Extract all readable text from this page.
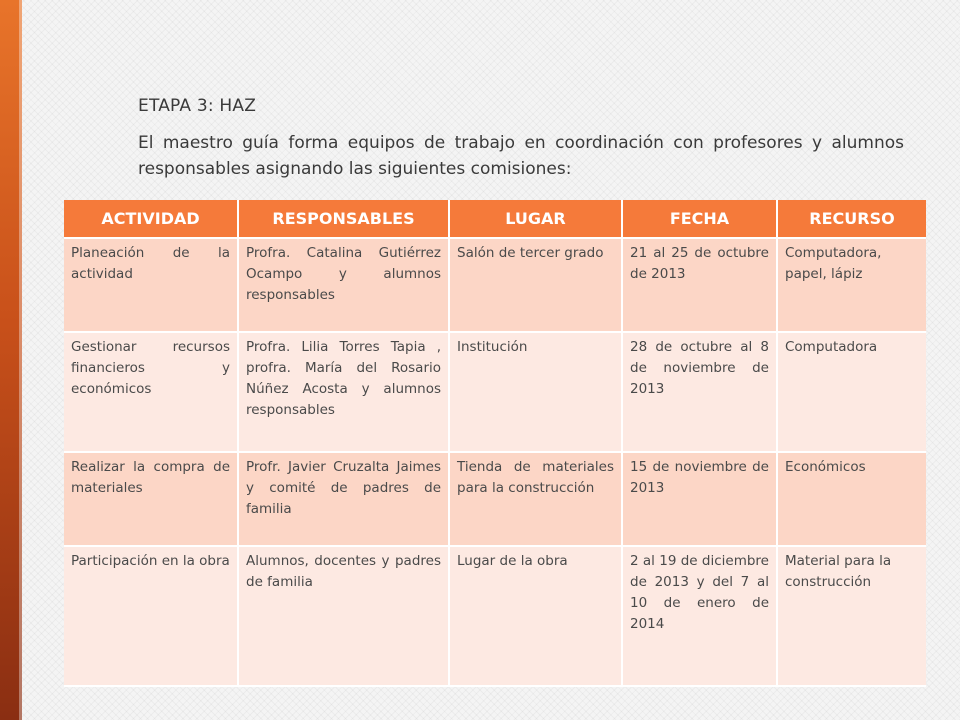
ETAPA 3: HAZ
El maestro guía forma equipos de trabajo en coordinación con profesores y alumnos responsables asignando las siguientes comisiones:
ACTIVIDAD	RESPONSABLES	LUGAR	FECHA	RECURSO
Planeación de la actividad	Profra. Catalina Gutiérrez Ocampo y alumnos responsables	Salón de tercer grado	21 al 25 de octubre de 2013	Computadora, papel, lápiz
Gestionar recursos financieros y económicos	Profra. Lilia Torres Tapia , profra. María del Rosario Núñez Acosta y alumnos responsables	Institución	28 de octubre al 8 de noviembre de 2013	Computadora
Realizar la compra de materiales	Profr. Javier Cruzalta Jaimes y comité de padres de familia	Tienda de materiales para la construcción	15 de noviembre de 2013	Económicos
Participación en la obra	Alumnos, docentes y padres de familia	Lugar de la obra	2 al 19 de diciembre de 2013 y del 7 al 10 de enero de 2014	Material para la construcción
